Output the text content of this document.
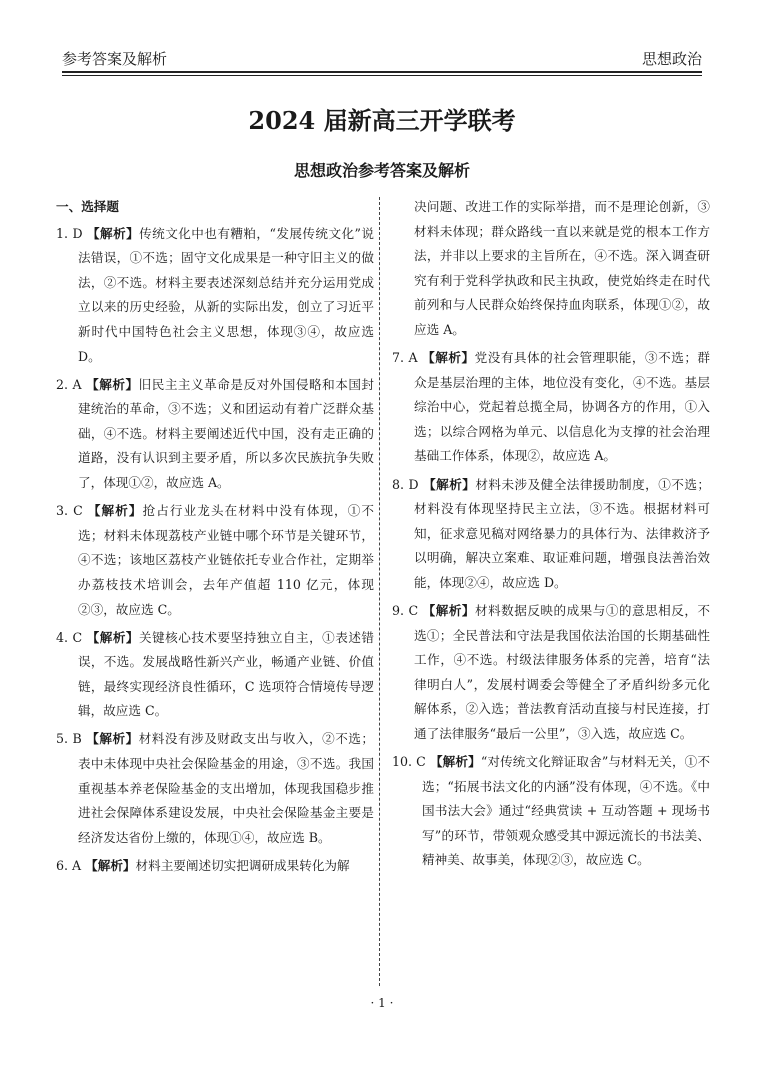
参考答案及解析	思想政治
2024 届新高三开学联考
思想政治参考答案及解析
一、选择题
1. D 【解析】传统文化中也有糟粕，“发展传统文化”说法错误，①不选；固守文化成果是一种守旧主义的做法，②不选。材料主要表述深刻总结并充分运用党成立以来的历史经验，从新的实际出发，创立了习近平新时代中国特色社会主义思想，体现③④，故应选 D。
2. A 【解析】旧民主主义革命是反对外国侵略和本国封建统治的革命，③不选；义和团运动有着广泛群众基础，④不选。材料主要阐述近代中国，没有走正确的道路，没有认识到主要矛盾，所以多次民族抗争失败了，体现①②，故应选 A。
3. C 【解析】抢占行业龙头在材料中没有体现，①不选；材料未体现荔枝产业链中哪个环节是关键环节，④不选；该地区荔枝产业链依托专业合作社，定期举办荔枝技术培训会，去年产值超 110 亿元，体现②③，故应选 C。
4. C 【解析】关键核心技术要坚持独立自主，①表述错误，不选。发展战略性新兴产业，畅通产业链、价值链，最终实现经济良性循环，C 选项符合情境传导逻辑，故应选 C。
5. B 【解析】材料没有涉及财政支出与收入，②不选；表中未体现中央社会保险基金的用途，③不选。我国重视基本养老保险基金的支出增加，体现我国稳步推进社会保障体系建设发展，中央社会保险基金主要是经济发达省份上缴的，体现①④，故应选 B。
6. A 【解析】材料主要阐述切实把调研成果转化为解
决问题、改进工作的实际举措，而不是理论创新，③材料未体现；群众路线一直以来就是党的根本工作方法，并非以上要求的主旨所在，④不选。深入调查研究有利于党科学执政和民主执政，使党始终走在时代前列和与人民群众始终保持血肉联系，体现①②，故应选 A。
7. A 【解析】党没有具体的社会管理职能，③不选；群众是基层治理的主体，地位没有变化，④不选。基层综治中心，党起着总揽全局，协调各方的作用，①入选；以综合网格为单元、以信息化为支撑的社会治理基础工作体系，体现②，故应选 A。
8. D 【解析】材料未涉及健全法律援助制度，①不选；材料没有体现坚持民主立法，③不选。根据材料可知，征求意见稿对网络暴力的具体行为、法律救济予以明确，解决立案难、取证难问题，增强良法善治效能，体现②④，故应选 D。
9. C 【解析】材料数据反映的成果与①的意思相反，不选①；全民普法和守法是我国依法治国的长期基础性工作，④不选。村级法律服务体系的完善，培育“法律明白人”，发展村调委会等健全了矛盾纠纷多元化解体系，②入选；普法教育活动直接与村民连接，打通了法律服务“最后一公里”，③入选，故应选 C。
10. C 【解析】“对传统文化辩证取舍”与材料无关，①不选；“拓展书法文化的内涵”没有体现，④不选。《中国书法大会》通过“经典赏读 + 互动答题 + 现场书写”的环节，带领观众感受其中源远流长的书法美、精神美、故事美，体现②③，故应选 C。
· 1 ·
